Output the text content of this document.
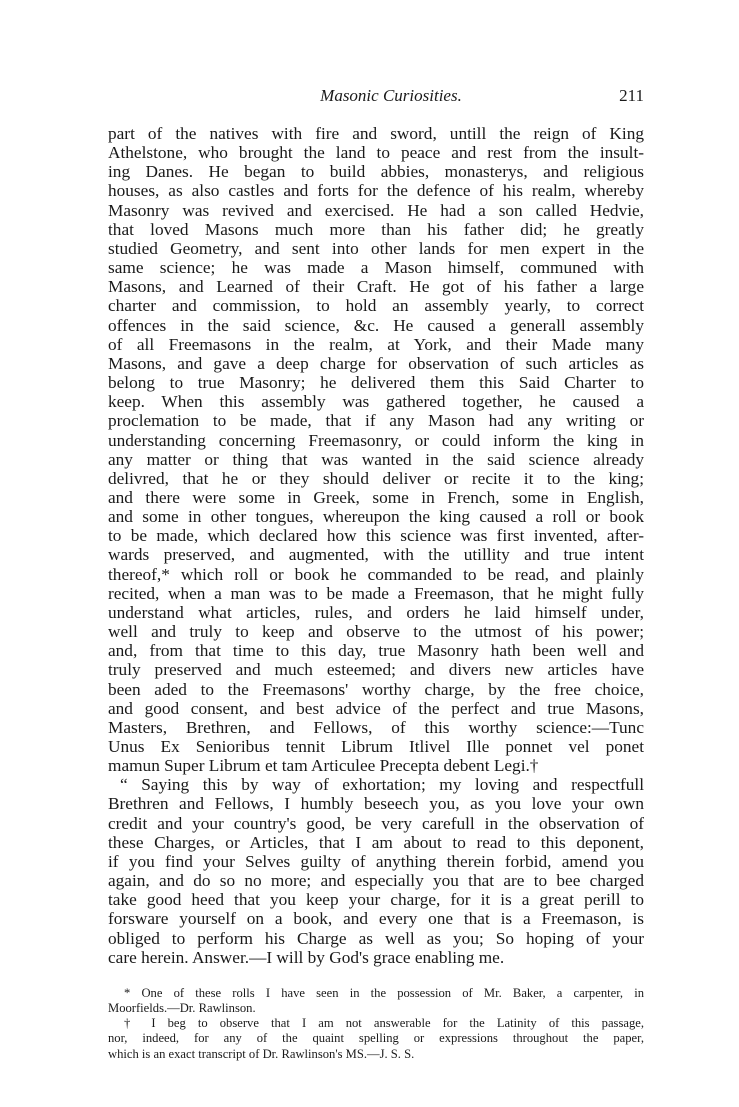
Masonic Curiosities.	211
part of the natives with fire and sword, untill the reign of King
Athelstone, who brought the land to peace and rest from the insult-
ing Danes. He began to build abbies, monasterys, and religious
houses, as also castles and forts for the defence of his realm, whereby
Masonry was revived and exercised. He had a son called Hedvie,
that loved Masons much more than his father did; he greatly
studied Geometry, and sent into other lands for men expert in the
same science; he was made a Mason himself, communed with
Masons, and Learned of their Craft. He got of his father a large
charter and commission, to hold an assembly yearly, to correct
offences in the said science, &c. He caused a generall assembly
of all Freemasons in the realm, at York, and their Made many
Masons, and gave a deep charge for observation of such articles as
belong to true Masonry; he delivered them this Said Charter to
keep. When this assembly was gathered together, he caused a
proclemation to be made, that if any Mason had any writing or
understanding concerning Freemasonry, or could inform the king in
any matter or thing that was wanted in the said science already
delivred, that he or they should deliver or recite it to the king;
and there were some in Greek, some in French, some in English,
and some in other tongues, whereupon the king caused a roll or book
to be made, which declared how this science was first invented, after-
wards preserved, and augmented, with the utillity and true intent
thereof,* which roll or book he commanded to be read, and plainly
recited, when a man was to be made a Freemason, that he might fully
understand what articles, rules, and orders he laid himself under,
well and truly to keep and observe to the utmost of his power;
and, from that time to this day, true Masonry hath been well and
truly preserved and much esteemed; and divers new articles have
been aded to the Freemasons' worthy charge, by the free choice,
and good consent, and best advice of the perfect and true Masons,
Masters, Brethren, and Fellows, of this worthy science:—Tunc
Unus Ex Senioribus tennit Librum Itlivel Ille ponnet vel ponet
mamun Super Librum et tam Articulee Precepta debent Legi.†
“ Saying this by way of exhortation; my loving and respectfull
Brethren and Fellows, I humbly beseech you, as you love your own
credit and your country's good, be very carefull in the observation of
these Charges, or Articles, that I am about to read to this deponent,
if you find your Selves guilty of anything therein forbid, amend you
again, and do so no more; and especially you that are to bee charged
take good heed that you keep your charge, for it is a great perill to
forsware yourself on a book, and every one that is a Freemason, is
obliged to perform his Charge as well as you; So hoping of your
care herein. Answer.—I will by God's grace enabling me.
* One of these rolls I have seen in the possession of Mr. Baker, a carpenter, in
Moorfields.—Dr. Rawlinson.
† I beg to observe that I am not answerable for the Latinity of this passage,
nor, indeed, for any of the quaint spelling or expressions throughout the paper,
which is an exact transcript of Dr. Rawlinson's MS.—J. S. S.
